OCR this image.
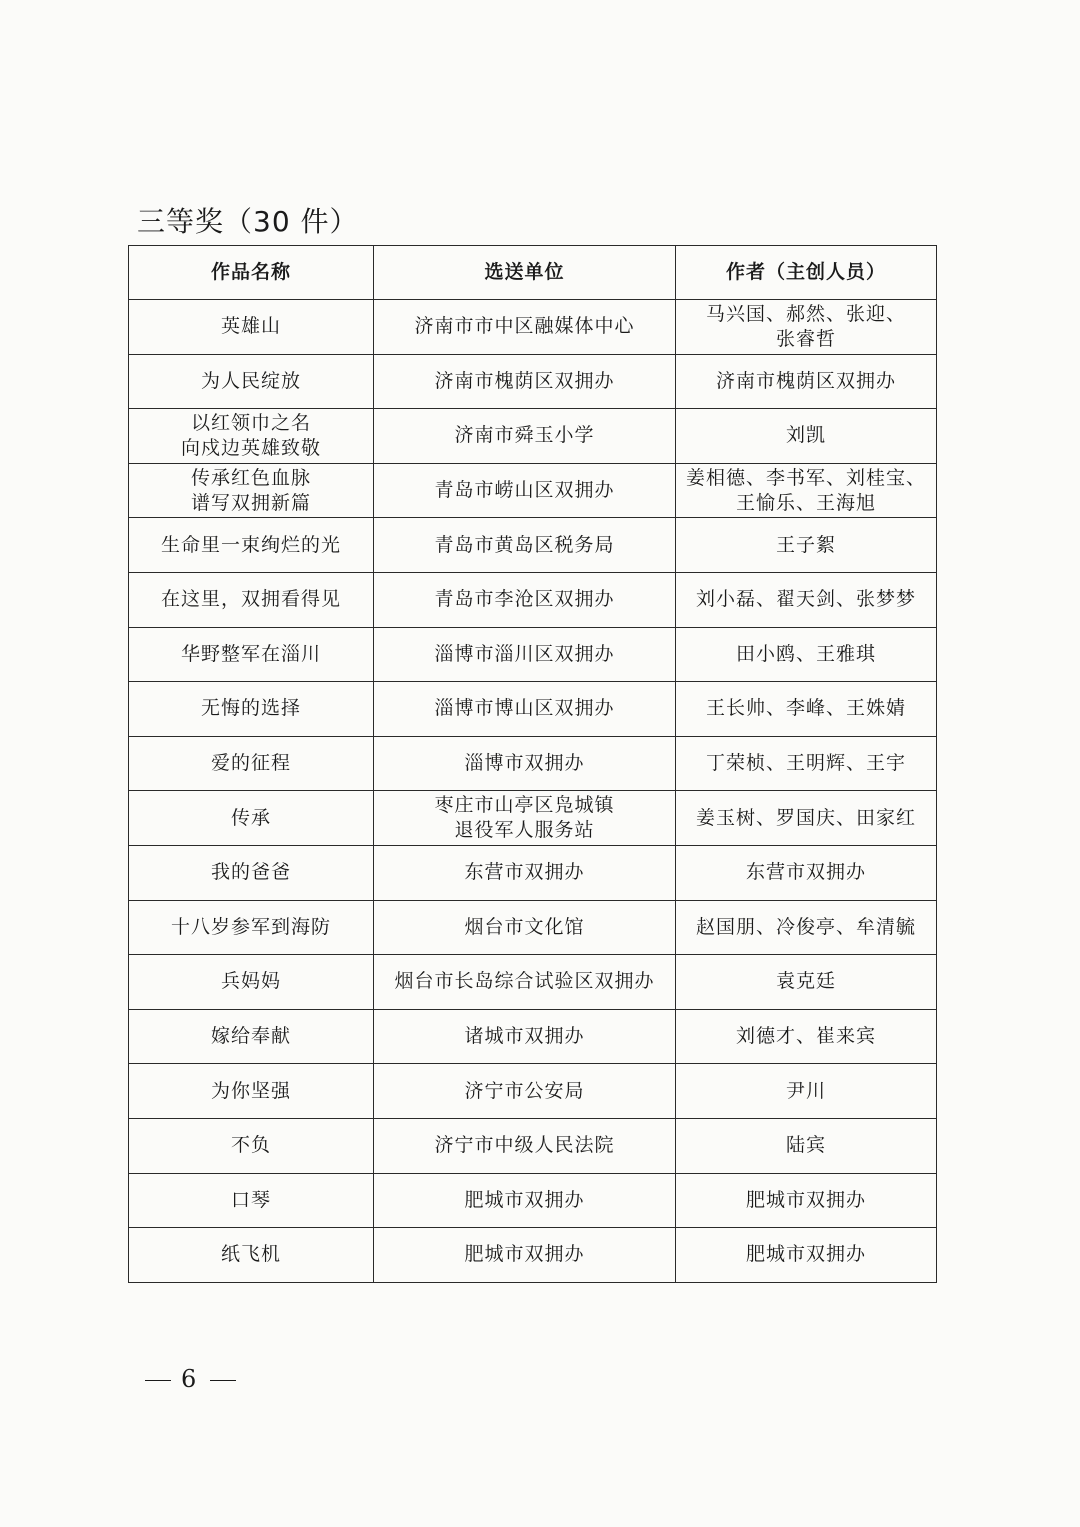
三等奖（30 件）
作品名称	选送单位	作者（主创人员）

英雄山	济南市市中区融媒体中心	马兴国、郝然、张迎、
张睿哲

为人民绽放	济南市槐荫区双拥办	济南市槐荫区双拥办

以红领巾之名
向戍边英雄致敬	济南市舜玉小学	刘凯

传承红色血脉
谱写双拥新篇	青岛市崂山区双拥办	姜相德、李书军、刘桂宝、
王愉乐、王海旭

生命里一束绚烂的光	青岛市黄岛区税务局	王子絮

在这里，双拥看得见	青岛市李沧区双拥办	刘小磊、翟天剑、张梦梦

华野整军在淄川	淄博市淄川区双拥办	田小鸥、王雅琪

无悔的选择	淄博市博山区双拥办	王长帅、李峰、王姝婧

爱的征程	淄博市双拥办	丁荣桢、王明辉、王宇

传承	枣庄市山亭区凫城镇
退役军人服务站	姜玉树、罗国庆、田家红

我的爸爸	东营市双拥办	东营市双拥办

十八岁参军到海防	烟台市文化馆	赵国朋、冷俊亭、牟清毓

兵妈妈	烟台市长岛综合试验区双拥办	袁克廷

嫁给奉献	诸城市双拥办	刘德才、崔来宾

为你坚强	济宁市公安局	尹川

不负	济宁市中级人民法院	陆宾

口琴	肥城市双拥办	肥城市双拥办

纸飞机	肥城市双拥办	肥城市双拥办
6
